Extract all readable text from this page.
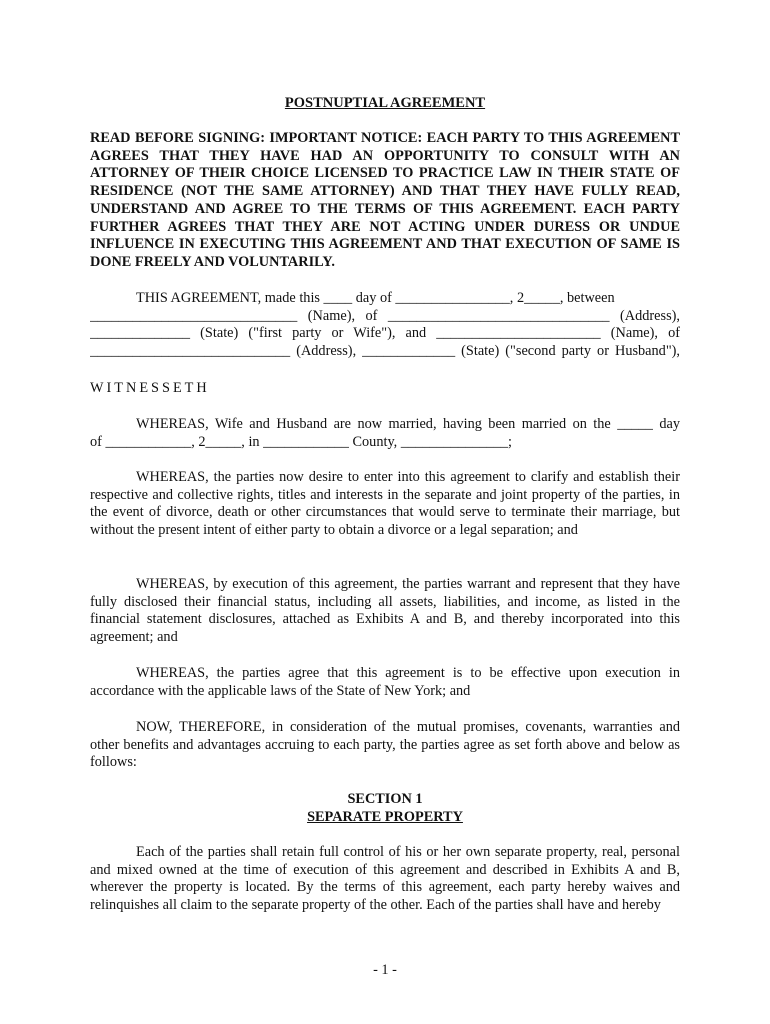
POSTNUPTIAL AGREEMENT
READ BEFORE SIGNING: IMPORTANT NOTICE: EACH PARTY TO THIS AGREEMENT AGREES THAT THEY HAVE HAD AN OPPORTUNITY TO CONSULT WITH AN ATTORNEY OF THEIR CHOICE LICENSED TO PRACTICE LAW IN THEIR STATE OF RESIDENCE (NOT THE SAME ATTORNEY) AND THAT THEY HAVE FULLY READ, UNDERSTAND AND AGREE TO THE TERMS OF THIS AGREEMENT. EACH PARTY FURTHER AGREES THAT THEY ARE NOT ACTING UNDER DURESS OR UNDUE INFLUENCE IN EXECUTING THIS AGREEMENT AND THAT EXECUTION OF SAME IS DONE FREELY AND VOLUNTARILY.
THIS AGREEMENT, made this ____ day of ________________, 2_____, between
_____________________________ (Name), of _______________________________ (Address),
______________ (State) ("first party or Wife"), and _______________________ (Name), of
____________________________ (Address), _____________ (State) ("second party or Husband"),
WITNESSETH
WHEREAS, Wife and Husband are now married, having been married on the _____ day
of ____________, 2_____, in ____________ County, _______________;
WHEREAS, the parties now desire to enter into this agreement to clarify and establish their respective and collective rights, titles and interests in the separate and joint property of the parties, in the event of divorce, death or other circumstances that would serve to terminate their marriage, but without the present intent of either party to obtain a divorce or a legal separation; and
WHEREAS, by execution of this agreement, the parties warrant and represent that they have fully disclosed their financial status, including all assets, liabilities, and income, as listed in the financial statement disclosures, attached as Exhibits A and B, and thereby incorporated into this agreement; and
WHEREAS, the parties agree that this agreement is to be effective upon execution in accordance with the applicable laws of the State of New York; and
NOW, THEREFORE, in consideration of the mutual promises, covenants, warranties and other benefits and advantages accruing to each party, the parties agree as set forth above and below as follows:
SECTION 1
SEPARATE PROPERTY
Each of the parties shall retain full control of his or her own separate property, real, personal and mixed owned at the time of execution of this agreement and described in Exhibits A and B, wherever the property is located. By the terms of this agreement, each party hereby waives and relinquishes all claim to the separate property of the other. Each of the parties shall have and hereby
- 1 -
